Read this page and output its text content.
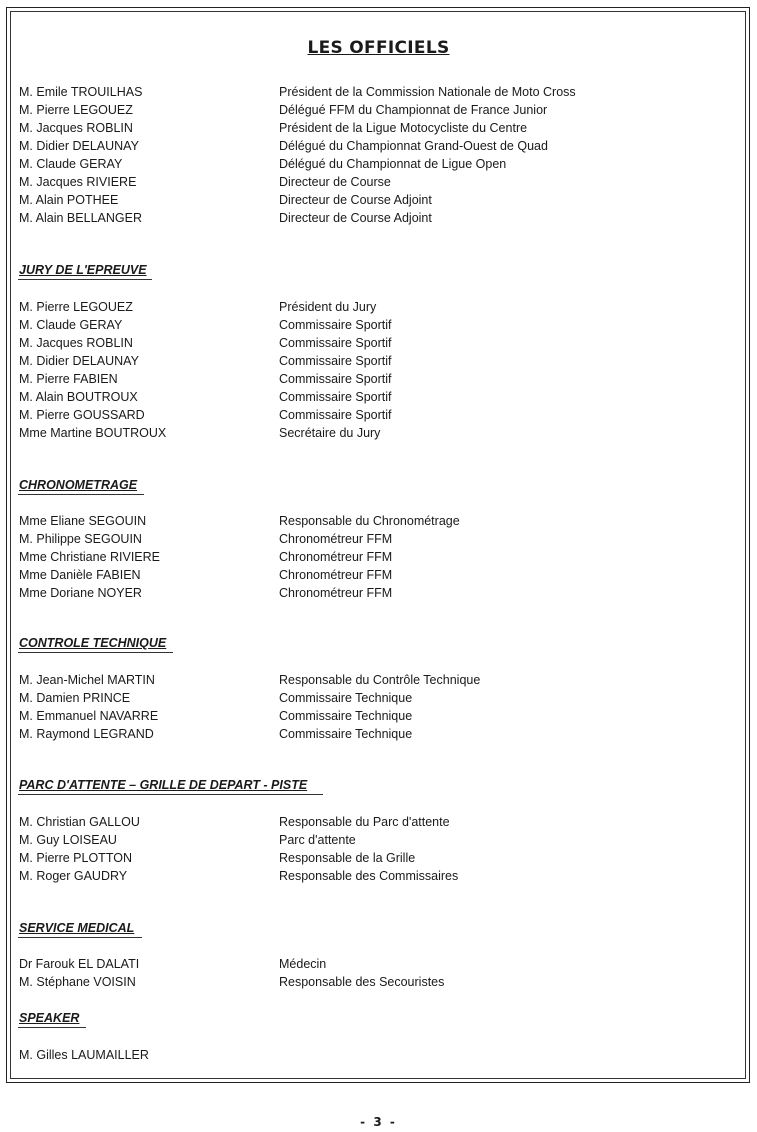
LES OFFICIELS
M. Emile TROUILHAS	Président de la Commission Nationale de Moto Cross
M. Pierre LEGOUEZ	Délégué FFM du Championnat de France Junior
M. Jacques ROBLIN	Président de la Ligue Motocycliste du Centre
M. Didier DELAUNAY	Délégué du Championnat Grand-Ouest de Quad
M. Claude GERAY	Délégué du Championnat de Ligue Open
M. Jacques RIVIERE	Directeur de Course
M. Alain POTHEE	Directeur de Course Adjoint
M. Alain BELLANGER	Directeur de Course Adjoint
JURY DE L'EPREUVE
M. Pierre LEGOUEZ	Président du Jury
M. Claude GERAY	Commissaire Sportif
M. Jacques ROBLIN	Commissaire Sportif
M. Didier DELAUNAY	Commissaire Sportif
M. Pierre FABIEN	Commissaire Sportif
M. Alain BOUTROUX	Commissaire Sportif
M. Pierre GOUSSARD	Commissaire Sportif
Mme Martine BOUTROUX	Secrétaire du Jury
CHRONOMETRAGE
Mme Eliane SEGOUIN	Responsable du Chronométrage
M. Philippe SEGOUIN	Chronométreur FFM
Mme Christiane RIVIERE	Chronométreur FFM
Mme Danièle FABIEN	Chronométreur FFM
Mme Doriane NOYER	Chronométreur FFM
CONTROLE TECHNIQUE
M. Jean-Michel MARTIN	Responsable du Contrôle Technique
M. Damien PRINCE	Commissaire Technique
M. Emmanuel NAVARRE	Commissaire Technique
M. Raymond LEGRAND	Commissaire Technique
PARC D'ATTENTE – GRILLE DE DEPART - PISTE
M. Christian GALLOU	Responsable du Parc d'attente
M. Guy LOISEAU	Parc d'attente
M. Pierre PLOTTON	Responsable de la Grille
M. Roger GAUDRY	Responsable des Commissaires
SERVICE MEDICAL
Dr Farouk EL DALATI	Médecin
M. Stéphane VOISIN	Responsable des Secouristes
SPEAKER
M. Gilles LAUMAILLER
- 3 -
